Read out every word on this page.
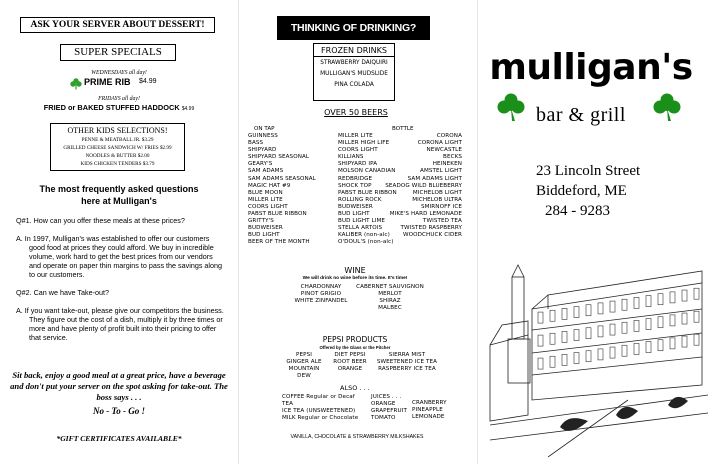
ASK YOUR SERVER ABOUT DESSERT!
SUPER SPECIALS
WEDNESDAYS all day!
PRIME RIB $4.99
FRIDAYS all day!
FRIED or BAKED STUFFED HADDOCK $4.99
OTHER KIDS SELECTIONS!
PENNE & MEATBALL JR. $3.29
GRILLED CHEESE SANDWICH W/ FRIES $2.99
NOODLES & BUTTER $2.00
KIDS CHICKEN TENDERS $3.79
The most frequently asked questions
here at Mulligan's

Q#1. How can you offer these meals at these prices?

A. In 1997, Mulligan's was established to offer our customers good food at prices they could afford. We buy in incredible volume, work hard to get the best prices from our vendors and operate on paper thin margins to pass the savings along to our customers.

Q#2. Can we have Take-out?

A. If you want take-out, please give our competitors the business. They figure out the cost of a dish, multiply it by three times or more and have plenty of profit built into their pricing to offer that service.

Sit back, enjoy a good meal at a great price, have a beverage and don't put your server on the spot asking for take-out. The boss says . . .
No - To - Go !
*GIFT CERTIFICATES AVAILABLE*
THINKING OF DRINKING?
FROZEN DRINKS
STRAWBERRY DAIQUIRI
MULLIGAN'S MUDSLIDE
PINA COLADA
OVER 50 BEERS
ON TAP
GUINNESS
BASS
SHIPYARD
SHIPYARD SEASONAL
GEARY'S
SAM ADAMS
SAM ADAMS SEASONAL
MAGIC HAT #9
BLUE MOON
MILLER LITE
COORS LIGHT
PABST BLUE RIBBON
GRITTY'S
BUDWEISER
BUD LIGHT
BEER OF THE MONTH
BOTTLE
MILLER LITE
MILLER HIGH LIFE
COORS LIGHT
KILLIANS
SHIPYARD IPA
MOLSON CANADIAN
REDBRIDGE
SHOCK TOP
PABST BLUE RIBBON
ROLLING ROCK
BUDWEISER
BUD LIGHT
BUD LIGHT LIME
STELLA ARTOIS
KALIBER (non-alc)
O'DOUL'S (non-alc)
CORONA
CORONA LIGHT
NEWCASTLE
BECKS
HEINEKEN
AMSTEL LIGHT
SAM ADAMS LIGHT
SEADOG WILD BLUEBERRY
MICHELOB LIGHT
MICHELOB ULTRA
SMIRNOFF ICE
MIKE'S HARD LEMONADE
TWISTED TEA
TWISTED RASPBERRY
WOODCHUCK CIDER
WINE
We will drink no wine before its time. It's time!
CHARDONNAY
PINOT GRIGIO
WHITE ZINFANDEL
CABERNET SAUVIGNON
MERLOT
SHIRAZ
MALBEC
PEPSI PRODUCTS
Offered by the Glass or the Pitcher
PEPSI
GINGER ALE
MOUNTAIN DEW
DIET PEPSI
ROOT BEER
ORANGE
SIERRA MIST
SWEETENED ICE TEA
RASPBERRY ICE TEA
ALSO . . .
COFFEE Regular or Decaf
TEA
ICE TEA (UNSWEETENED)
MILK Regular or Chocolate
JUICES . . .
ORANGE
GRAPEFRUIT
TOMATO
CRANBERRY
PINEAPPLE
LEMONADE
VANILLA, CHOCOLATE & STRAWBERRY MILKSHAKES
mulligan's
bar & grill
23 Lincoln Street
Biddeford, ME
284 - 9283
